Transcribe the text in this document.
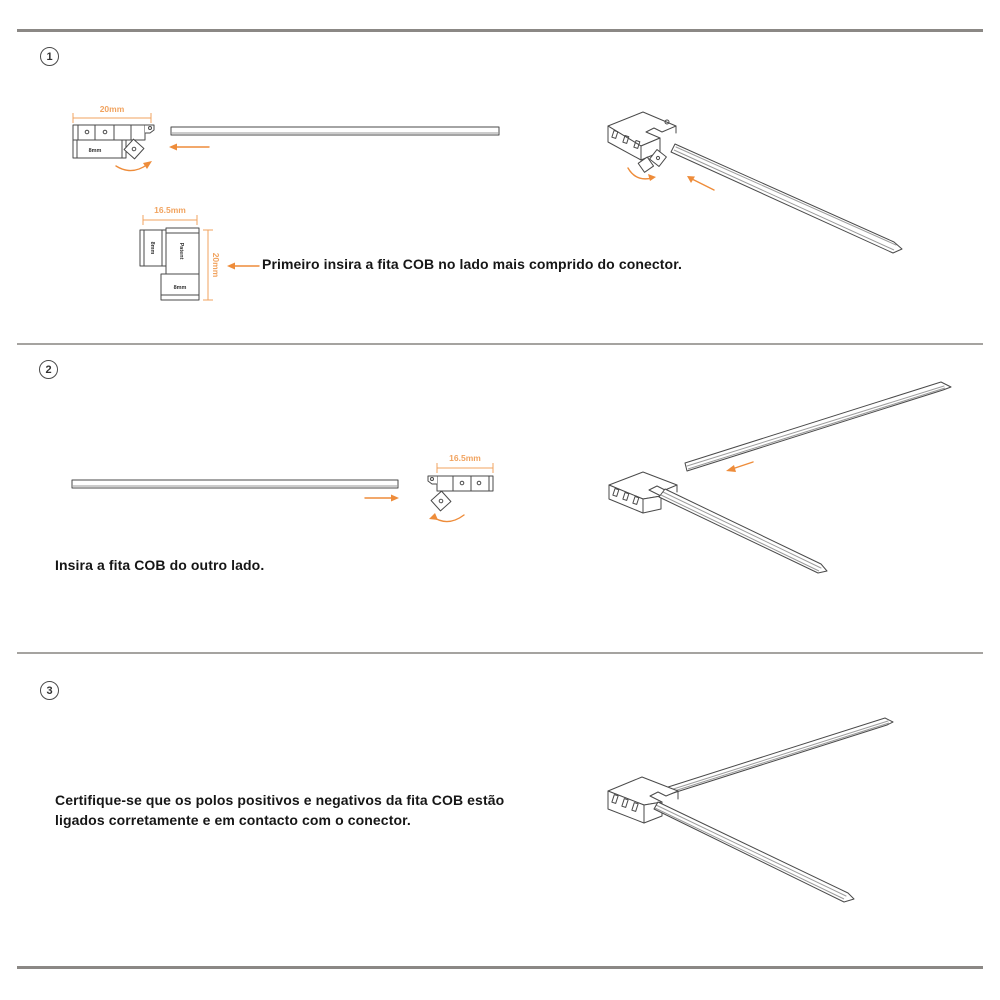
1
2
3
20mm
8mm
16.5mm
8mm	Patent
8mm
20mm	Primeiro insira a fita COB no lado mais comprido do conector.
16.5mm
Insira a fita COB do outro lado.
Certifique-se que os polos positivos e negativos da fita COB estão
ligados corretamente e em contacto com o conector.
